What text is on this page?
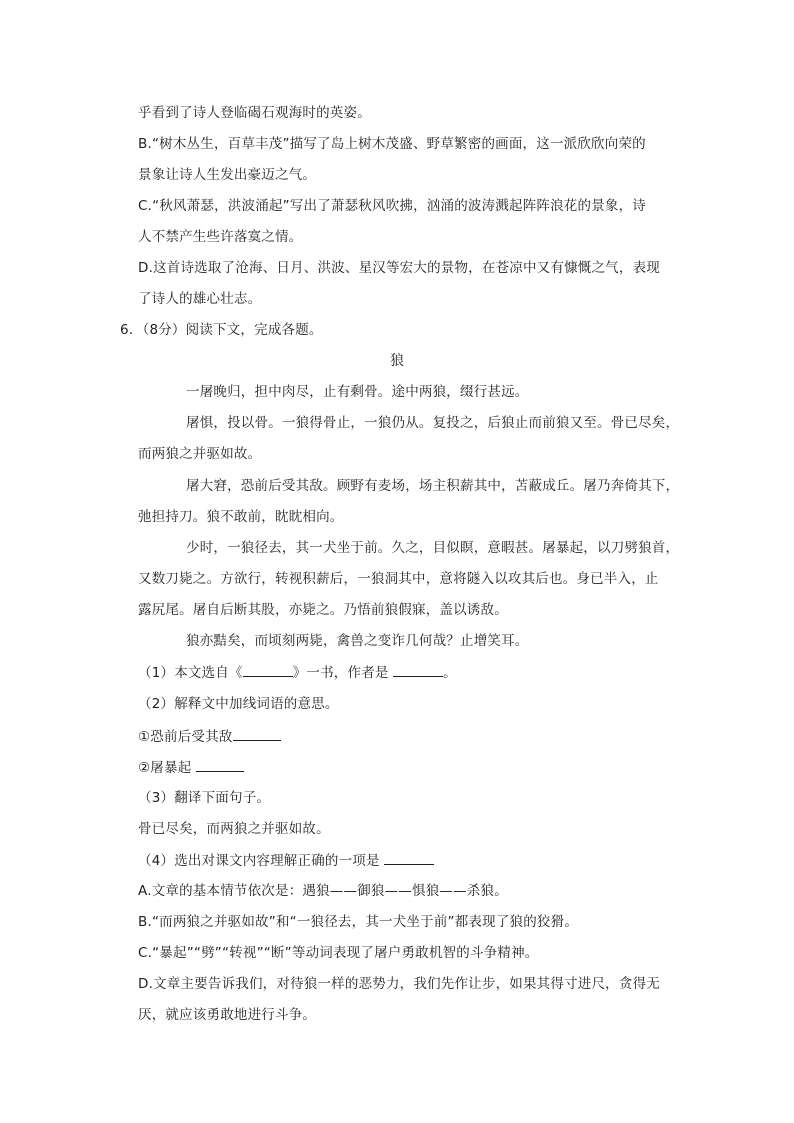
乎看到了诗人登临碣石观海时的英姿。
B.“树木丛生，百草丰茂”描写了岛上树木茂盛、野草繁密的画面，这一派欣欣向荣的
景象让诗人生发出豪迈之气。
C.“秋风萧瑟，洪波涌起”写出了萧瑟秋风吹拂，汹涌的波涛溅起阵阵浪花的景象，诗
人不禁产生些许落寞之情。
D.这首诗选取了沧海、日月、洪波、星汉等宏大的景物，在苍凉中又有慷慨之气，表现
了诗人的雄心壮志。
6．（8分）阅读下文，完成各题。
狼
一屠晚归，担中肉尽，止有剩骨。途中两狼，缀行甚远。
屠惧，投以骨。一狼得骨止，一狼仍从。复投之，后狼止而前狼又至。骨已尽矣，
而两狼之并驱如故。
屠大窘，恐前后受其敌。顾野有麦场，场主积薪其中，苫蔽成丘。屠乃奔倚其下，
弛担持刀。狼不敢前，眈眈相向。
少时，一狼径去，其一犬坐于前。久之，目似瞑，意暇甚。屠暴起，以刀劈狼首，
又数刀毙之。方欲行，转视积薪后，一狼洞其中，意将隧入以攻其后也。身已半入，止
露尻尾。屠自后断其股，亦毙之。乃悟前狼假寐，盖以诱敌。
狼亦黠矣，而顷刻两毙，禽兽之变诈几何哉？止增笑耳。
（1）本文选自《	》一书，作者是	。
（2）解释文中加线词语的意思。
①恐前后受其敌
②屠暴起
（3）翻译下面句子。
骨已尽矣，而两狼之并驱如故。
（4）选出对课文内容理解正确的一项是
A.文章的基本情节依次是：遇狼——御狼——惧狼——杀狼。
B.“而两狼之并驱如故”和“一狼径去，其一犬坐于前”都表现了狼的狡猾。
C.“暴起”“劈”“转视”“断”等动词表现了屠户勇敢机智的斗争精神。
D.文章主要告诉我们，对待狼一样的恶势力，我们先作让步，如果其得寸进尺，贪得无
厌，就应该勇敢地进行斗争。
